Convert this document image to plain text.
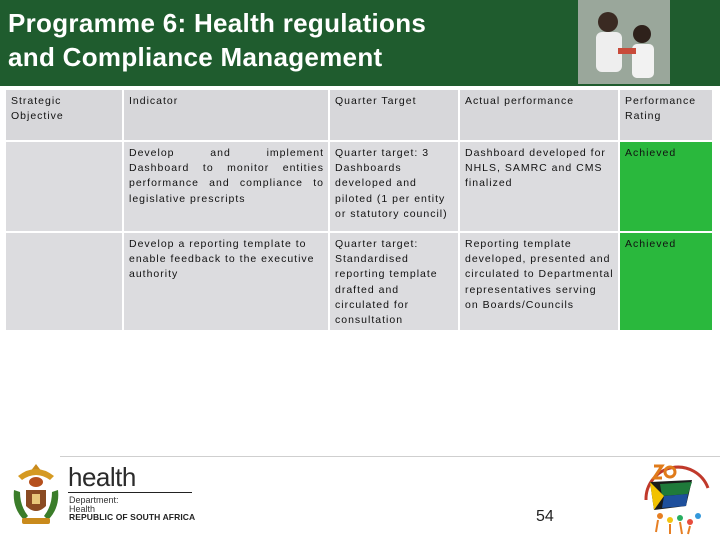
Programme 6: Health regulations
and Compliance Management
Strategic Objective	Indicator	Quarter Target	Actual performance	Performance Rating
	Develop and implement Dashboard to monitor entities performance and compliance to legislative prescripts	Quarter target: 3 Dashboards developed and piloted (1 per entity or statutory council)	Dashboard developed for NHLS, SAMRC and CMS finalized	Achieved
	Develop a reporting template to enable feedback to the executive authority	Quarter target: Standardised reporting template drafted and circulated for consultation	Reporting template developed, presented and circulated to Departmental representatives serving on Boards/Councils	Achieved
health
Department:
Health
REPUBLIC OF SOUTH AFRICA	54
